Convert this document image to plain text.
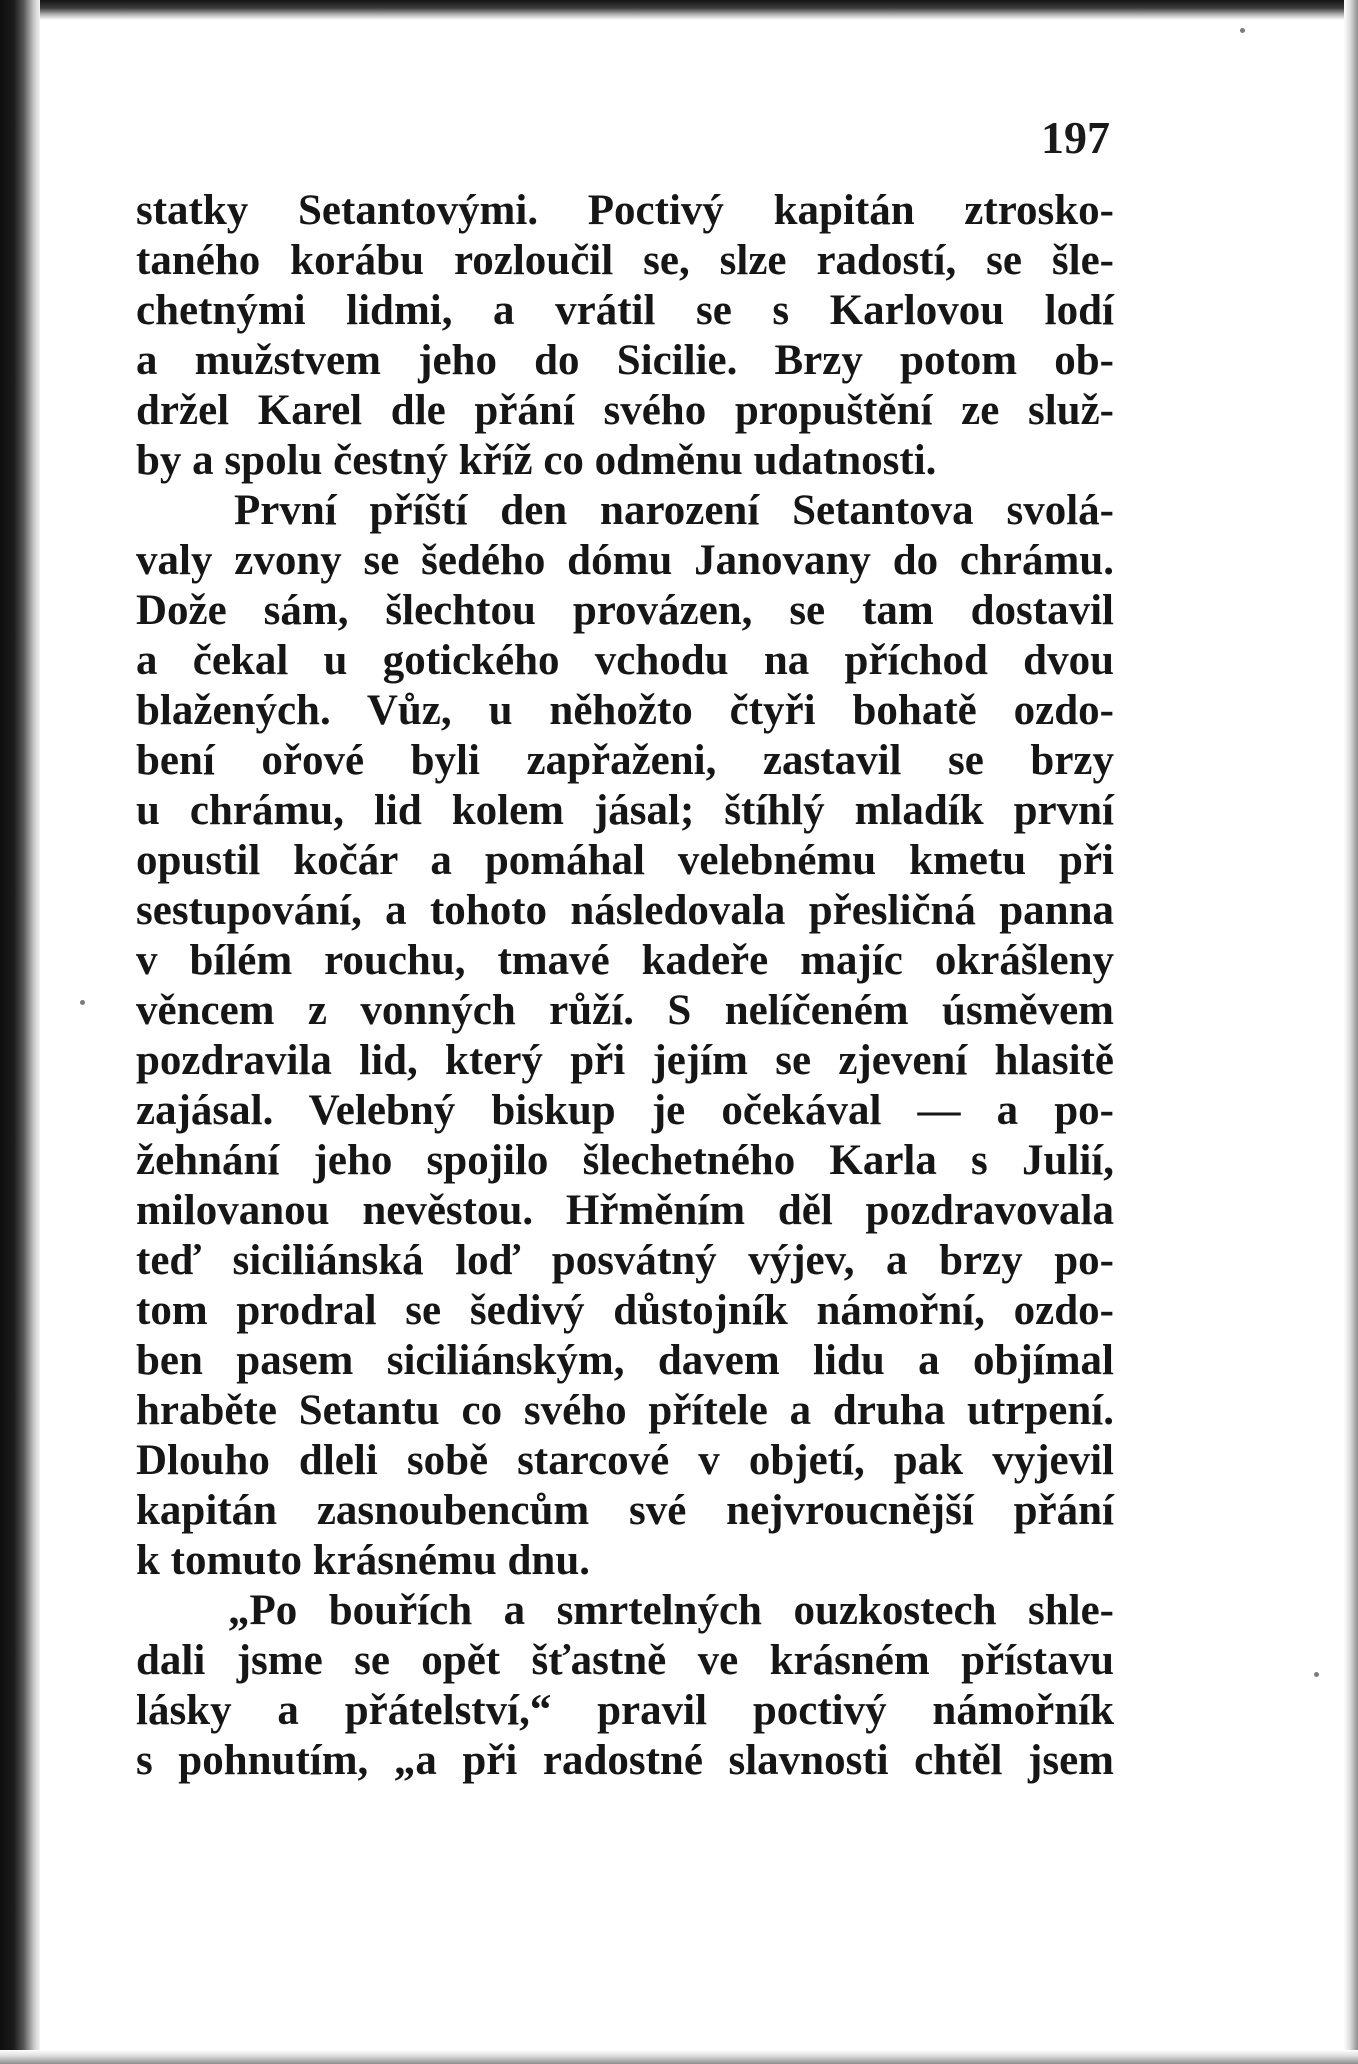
197

statky Setantovými. Poctivý kapitán ztrosko-
taného korábu rozloučil se, slze radostí, se šle-
chetnými lidmi, a vrátil se s Karlovou lodí
a mužstvem jeho do Sicilie. Brzy potom ob-
držel Karel dle přání svého propuštění ze služ-
by a spolu čestný kříž co odměnu udatnosti.
První příští den narození Setantova svolá-
valy zvony se šedého dómu Janovany do chrámu.
Dože sám, šlechtou provázen, se tam dostavil
a čekal u gotického vchodu na příchod dvou
blažených. Vůz, u něhožto čtyři bohatě ozdo-
bení ořové byli zapřaženi, zastavil se brzy
u chrámu, lid kolem jásal; štíhlý mladík první
opustil kočár a pomáhal velebnému kmetu při
sestupování, a tohoto následovala přesličná panna
v bílém rouchu, tmavé kadeře majíc okrášleny
věncem z vonných růží. S nelíčeném úsměvem
pozdravila lid, který při jejím se zjevení hlasitě
zajásal. Velebný biskup je očekával — a po-
žehnání jeho spojilo šlechetného Karla s Julií,
milovanou nevěstou. Hřměním děl pozdravovala
teď siciliánská loď posvátný výjev, a brzy po-
tom prodral se šedivý důstojník námořní, ozdo-
ben pasem siciliánským, davem lidu a objímal
hraběte Setantu co svého přítele a druha utrpení.
Dlouho dleli sobě starcové v objetí, pak vyjevil
kapitán zasnoubencům své nejvroucnější přání
k tomuto krásnému dnu.
„Po bouřích a smrtelných ouzkostech shle-
dali jsme se opět šťastně ve krásném přístavu
lásky a přátelství,“ pravil poctivý námořník
s pohnutím, „a při radostné slavnosti chtěl jsem
